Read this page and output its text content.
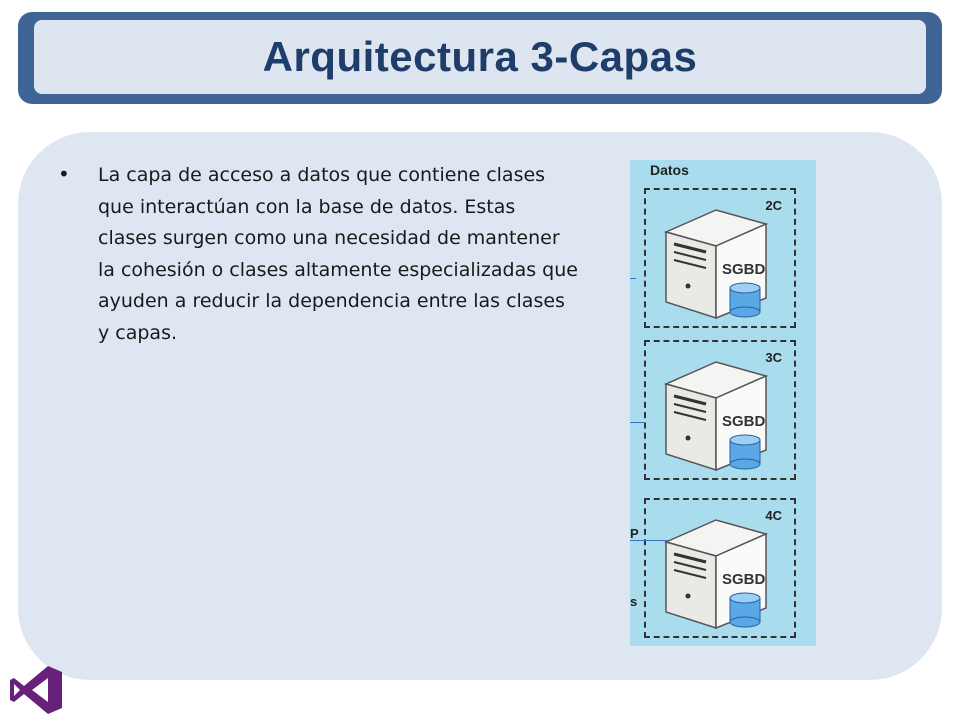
Arquitectura 3-Capas
• La capa de acceso a datos que contiene clases que interactúan con la base de datos. Estas clases surgen como una necesidad de mantener la cohesión o clases altamente especializadas que ayuden a reducir la dependencia entre las clases y capas.
Datos
2C
SGBD
3C
SGBD
4C
SGBD
P
s
